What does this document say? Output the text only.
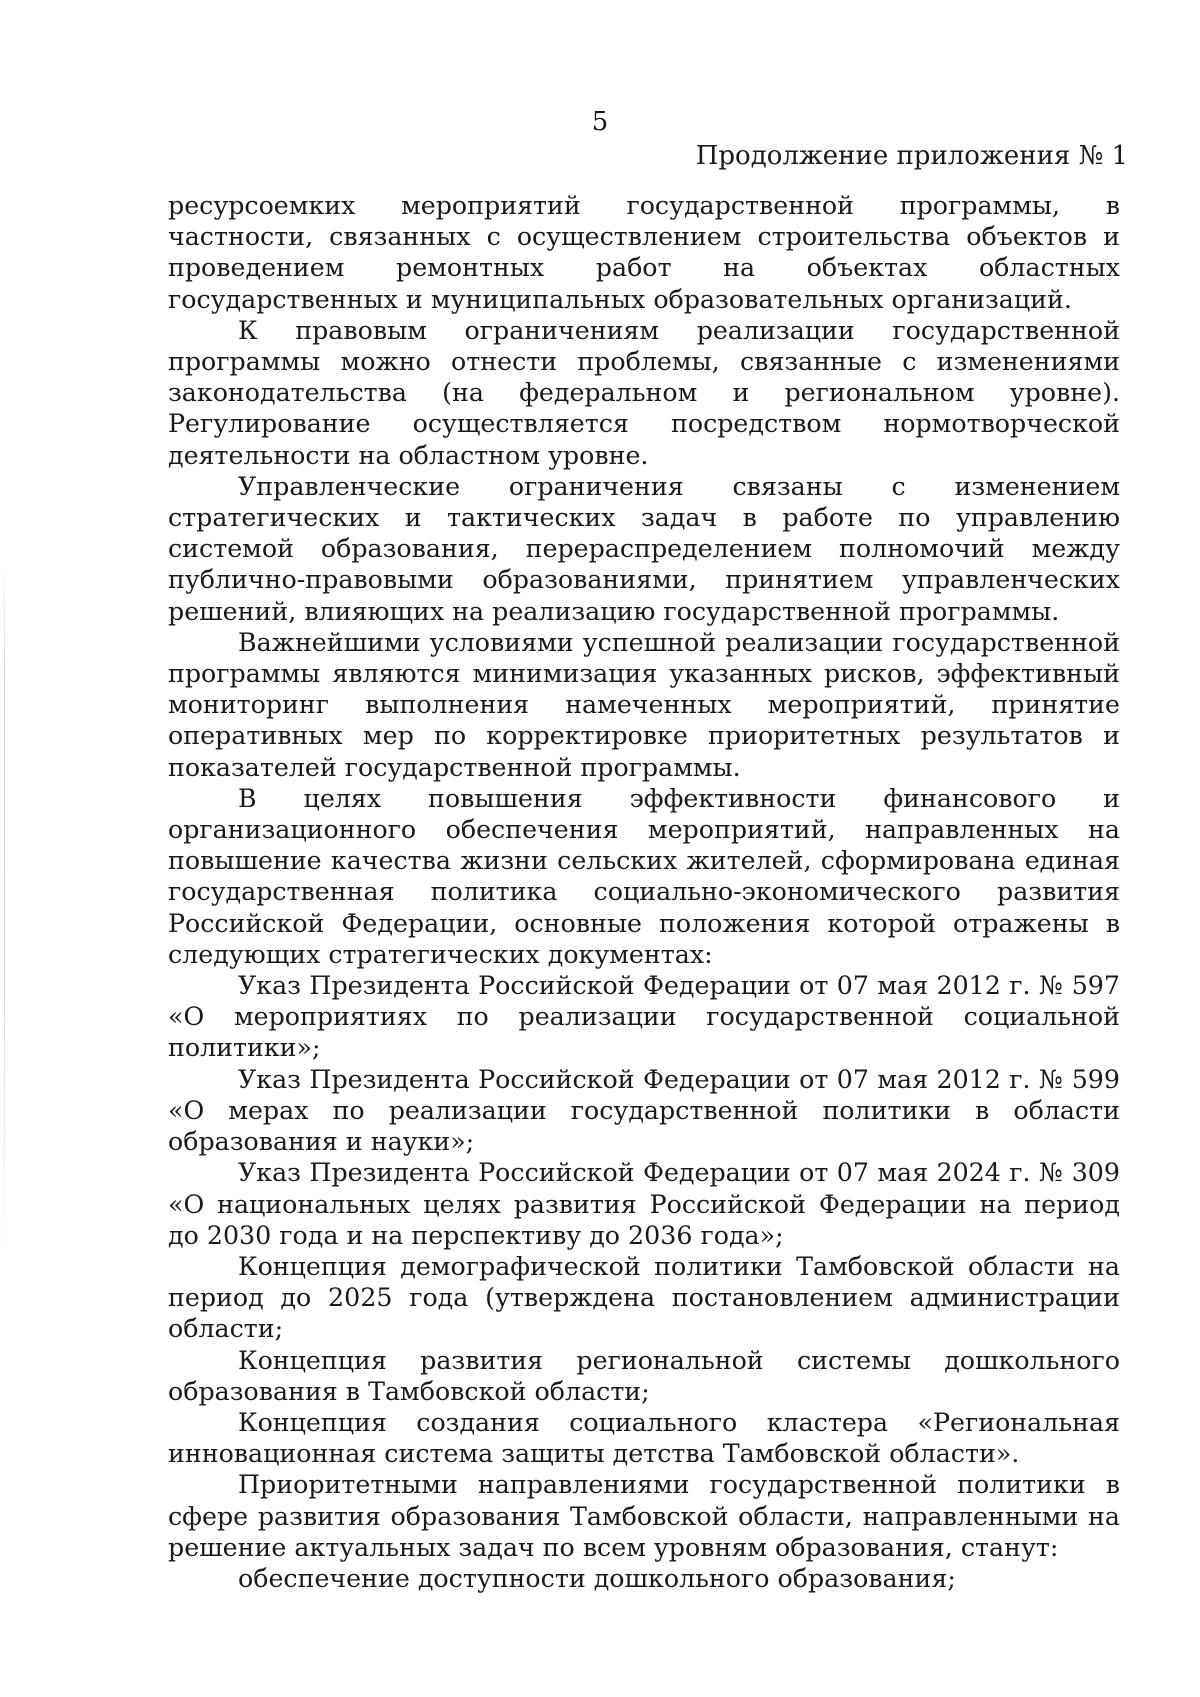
5
Продолжение приложения № 1

ресурсоемких мероприятий государственной программы, в частности, связанных с осуществлением строительства объектов и проведением ремонтных работ на объектах областных государственных и муниципальных образовательных организаций.

К правовым ограничениям реализации государственной программы можно отнести проблемы, связанные с изменениями законодательства (на федеральном и региональном уровне). Регулирование осуществляется посредством нормотворческой деятельности на областном уровне.

Управленческие ограничения связаны с изменением стратегических и тактических задач в работе по управлению системой образования, перераспределением полномочий между публично-правовыми образованиями, принятием управленческих решений, влияющих на реализацию государственной программы.

Важнейшими условиями успешной реализации государственной программы являются минимизация указанных рисков, эффективный мониторинг выполнения намеченных мероприятий, принятие оперативных мер по корректировке приоритетных результатов и показателей государственной программы.

В целях повышения эффективности финансового и организационного обеспечения мероприятий, направленных на повышение качества жизни сельских жителей, сформирована единая государственная политика социально-экономического развития Российской Федерации, основные положения которой отражены в следующих стратегических документах:

Указ Президента Российской Федерации от 07 мая 2012 г. № 597 «О мероприятиях по реализации государственной социальной политики»;

Указ Президента Российской Федерации от 07 мая 2012 г. № 599 «О мерах по реализации государственной политики в области образования и науки»;

Указ Президента Российской Федерации от 07 мая 2024 г. № 309 «О национальных целях развития Российской Федерации на период до 2030 года и на перспективу до 2036 года»;

Концепция демографической политики Тамбовской области на период до 2025 года (утверждена постановлением администрации области;

Концепция развития региональной системы дошкольного образования в Тамбовской области;

Концепция создания социального кластера «Региональная инновационная система защиты детства Тамбовской области».

Приоритетными направлениями государственной политики в сфере развития образования Тамбовской области, направленными на решение актуальных задач по всем уровням образования, станут:

обеспечение доступности дошкольного образования;
